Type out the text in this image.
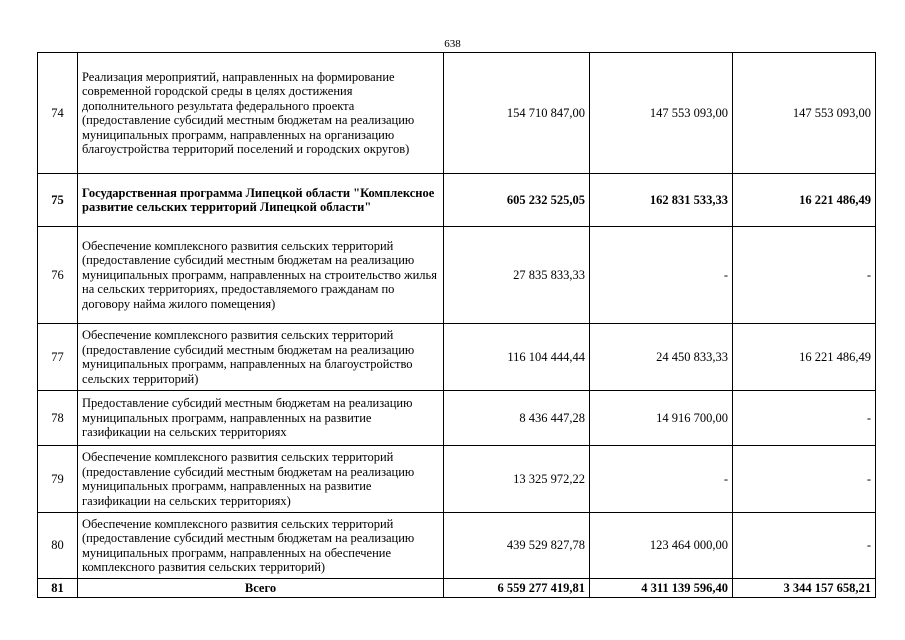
638
74	Реализация мероприятий, направленных на формирование современной городской среды в целях достижения дополнительного результата федерального проекта (предоставление субсидий местным бюджетам на реализацию муниципальных программ, направленных на организацию благоустройства территорий поселений и городских округов)	154 710 847,00	147 553 093,00	147 553 093,00
75	Государственная программа Липецкой области "Комплексное развитие сельских территорий Липецкой области"	605 232 525,05	162 831 533,33	16 221 486,49
76	Обеспечение комплексного развития сельских территорий (предоставление субсидий местным бюджетам на реализацию муниципальных программ, направленных на строительство жилья на сельских территориях, предоставляемого гражданам по договору найма жилого помещения)	27 835 833,33	-	-
77	Обеспечение комплексного развития сельских территорий (предоставление субсидий местным бюджетам на реализацию муниципальных программ, направленных на благоустройство сельских территорий)	116 104 444,44	24 450 833,33	16 221 486,49
78	Предоставление субсидий местным бюджетам на реализацию муниципальных программ, направленных на развитие газификации на сельских территориях	8 436 447,28	14 916 700,00	-
79	Обеспечение комплексного развития сельских территорий (предоставление субсидий местным бюджетам на реализацию муниципальных программ, направленных на развитие газификации на сельских территориях)	13 325 972,22	-	-
80	Обеспечение комплексного развития сельских территорий (предоставление субсидий местным бюджетам на реализацию муниципальных программ, направленных на обеспечение комплексного развития сельских территорий)	439 529 827,78	123 464 000,00	-
81	Всего	6 559 277 419,81	4 311 139 596,40	3 344 157 658,21
